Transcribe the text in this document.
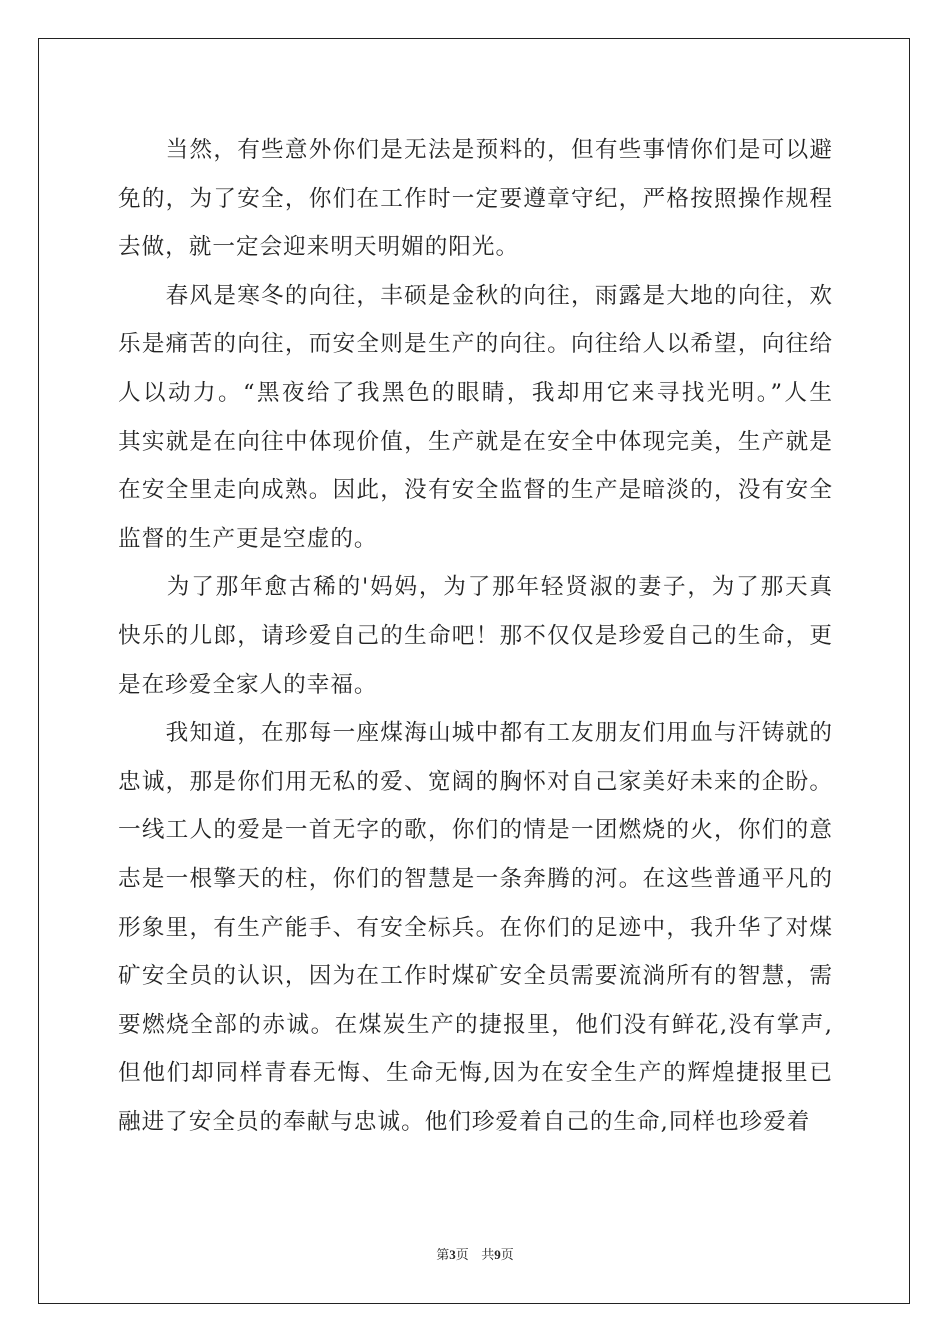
　　当然，有些意外你们是无法是预料的，但有些事情你们是可以避
免的，为了安全，你们在工作时一定要遵章守纪，严格按照操作规程
去做，就一定会迎来明天明媚的阳光。
　　春风是寒冬的向往，丰硕是金秋的向往，雨露是大地的向往，欢
乐是痛苦的向往，而安全则是生产的向往。向往给人以希望，向往给
人以动力。“黑夜给了我黑色的眼睛，我却用它来寻找光明。”人生
其实就是在向往中体现价值，生产就是在安全中体现完美，生产就是
在安全里走向成熟。因此，没有安全监督的生产是暗淡的，没有安全
监督的生产更是空虚的。
　　为了那年愈古稀的'妈妈，为了那年轻贤淑的妻子，为了那天真
快乐的儿郎，请珍爱自己的生命吧！那不仅仅是珍爱自己的生命，更
是在珍爱全家人的幸福。
　　我知道，在那每一座煤海山城中都有工友朋友们用血与汗铸就的
忠诚，那是你们用无私的爱、宽阔的胸怀对自己家美好未来的企盼。
一线工人的爱是一首无字的歌，你们的情是一团燃烧的火，你们的意
志是一根擎天的柱，你们的智慧是一条奔腾的河。在这些普通平凡的
形象里，有生产能手、有安全标兵。在你们的足迹中，我升华了对煤
矿安全员的认识，因为在工作时煤矿安全员需要流淌所有的智慧，需
要燃烧全部的赤诚。在煤炭生产的捷报里，他们没有鲜花,没有掌声,
但他们却同样青春无悔、生命无悔,因为在安全生产的辉煌捷报里已
融进了安全员的奉献与忠诚。他们珍爱着自己的生命,同样也珍爱着
第3页 共9页
